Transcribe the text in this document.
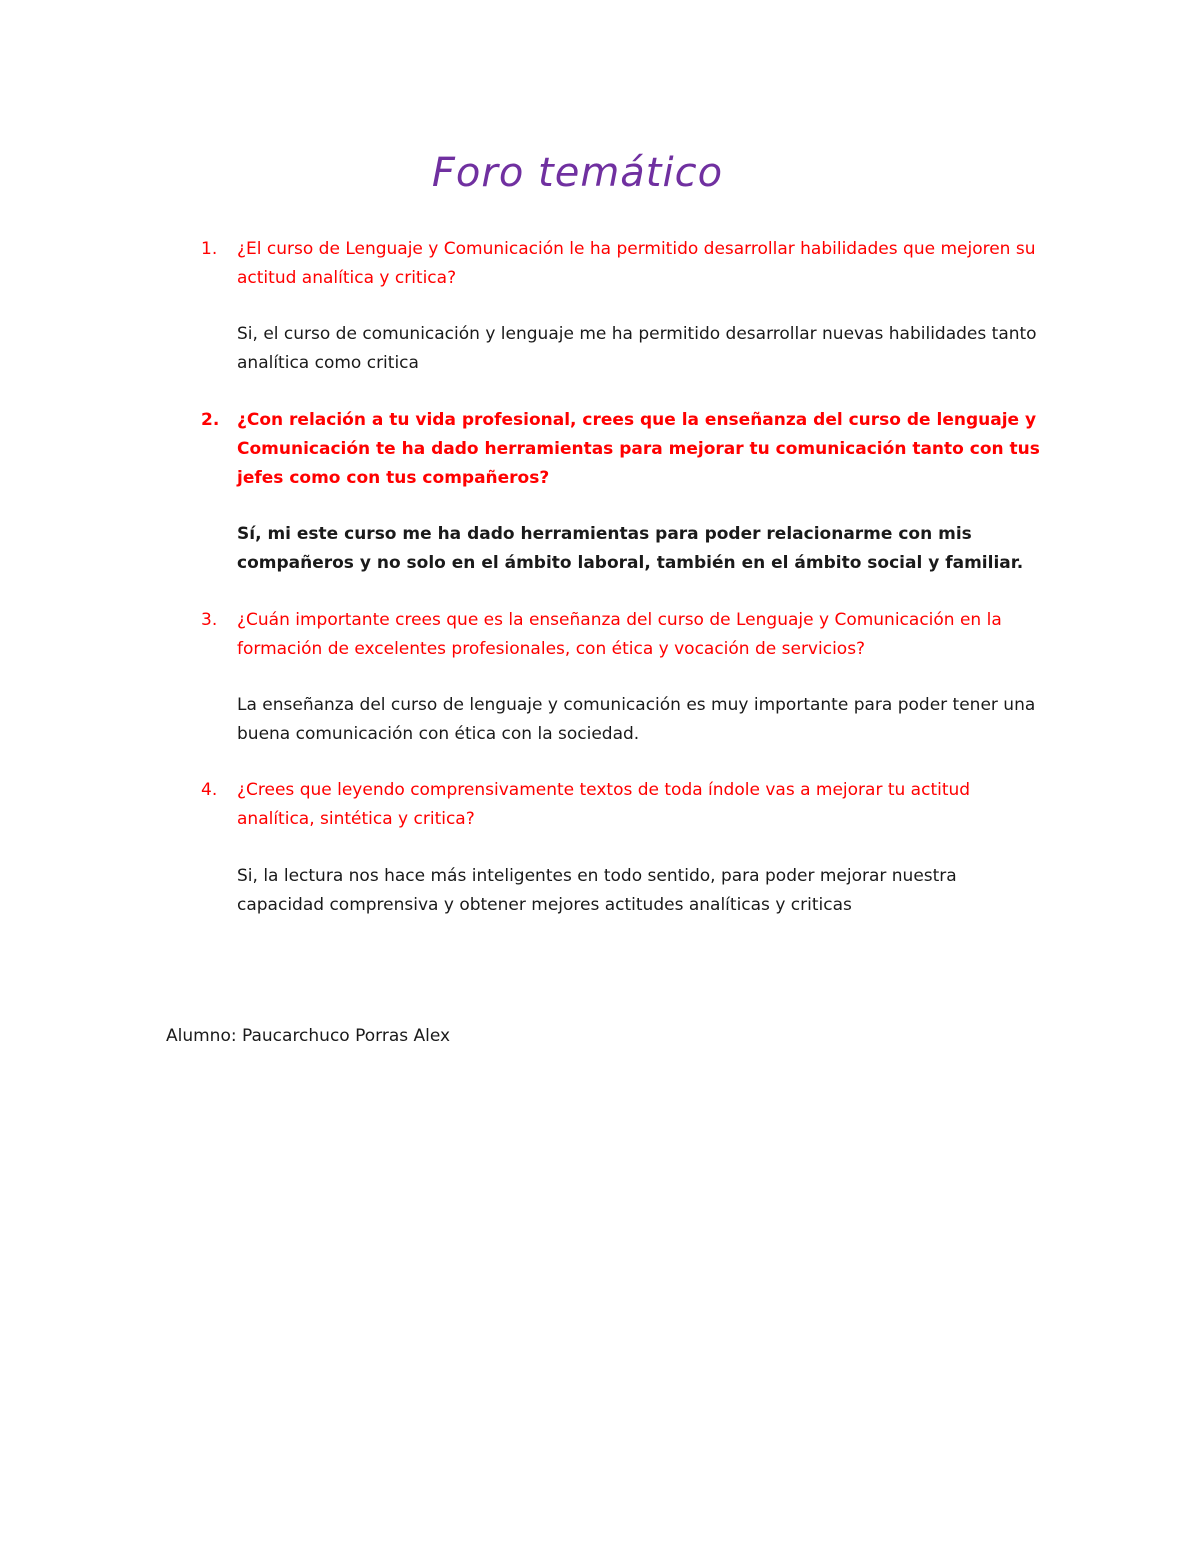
Foro temático
1. ¿El curso de Lenguaje y Comunicación le ha permitido desarrollar habilidades que mejoren su actitud analítica y critica?

Si, el curso de comunicación y lenguaje me ha permitido desarrollar nuevas habilidades tanto analítica como critica

2. ¿Con relación a tu vida profesional, crees que la enseñanza del curso de lenguaje y Comunicación te ha dado herramientas para mejorar tu comunicación tanto con tus jefes como con tus compañeros?

Sí, mi este curso me ha dado herramientas para poder relacionarme con mis compañeros y no solo en el ámbito laboral, también en el ámbito social y familiar.

3. ¿Cuán importante crees que es la enseñanza del curso de Lenguaje y Comunicación en la formación de excelentes profesionales, con ética y vocación de servicios?

La enseñanza del curso de lenguaje y comunicación es muy importante para poder tener una buena comunicación con ética con la sociedad.

4. ¿Crees que leyendo comprensivamente textos de toda índole vas a mejorar tu actitud analítica, sintética y critica?

Si, la lectura nos hace más inteligentes en todo sentido, para poder mejorar nuestra capacidad comprensiva y obtener mejores actitudes analíticas y criticas

Alumno: Paucarchuco Porras Alex
